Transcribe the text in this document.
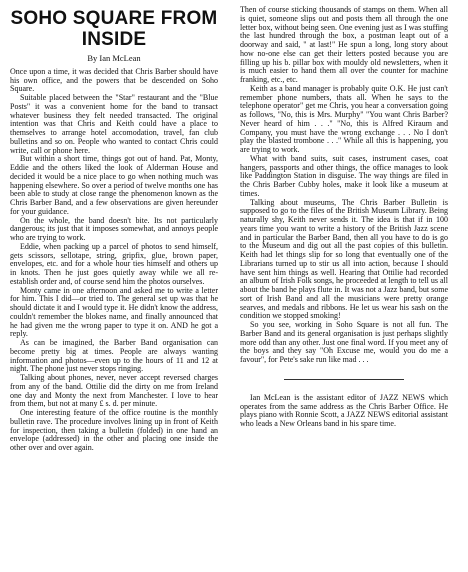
SOHO SQUARE FROM INSIDE
By Ian McLean

Once upon a time, it was decided that Chris Barber should have his own office, and the powers that be descended on Soho Square.

Suitable placed between the "Star" restaurant and the "Blue Posts" it was a convenient home for the band to transact whatever business they felt needed transacted. The original intention was that Chris and Keith could have a place to themselves to arrange hotel accomodation, travel, fan club bulletins and so on. People who wanted to contact Chris could write, call or phone here.

But within a short time, things got out of hand. Pat, Monty, Eddie and the others liked the look of Alderman House and decided it would be a nice place to go when nothing much was happening elsewhere. So over a period of twelve months one has been able to study at close range the phenomenon known as the Chris Barber Band, and a few observations are given hereunder for your guidance.

On the whole, the band doesn't bite. Its not particularly dangerous; its just that it imposes somewhat, and annoys people who are trying to work.

Eddie, when packing up a parcel of photos to send himself, gets scissors, sellotape, string, gripfix, glue, brown paper, envelopes, etc. and for a whole hour ties himself and others up in knots. Then he just goes quietly away while we all re-establish order and, of course send him the photos ourselves.

Monty came in one afternoon and asked me to write a letter for him. This I did—or tried to. The general set up was that he should dictate it and I would type it. He didn't know the address, couldn't remember the blokes name, and finally announced that he had given me the wrong paper to type it on. AND he got a reply.

As can be imagined, the Barber Band organisation can become pretty big at times. People are always wanting information and photos—even up to the hours of 11 and 12 at night. The phone just never stops ringing.

Talking about phones, never, never accept reversed charges from any of the band. Ottilie did the dirty on me from Ireland one day and Monty the next from Manchester. I love to hear from them, but not at many £ s. d. per minute.

One interesting feature of the office routine is the monthly bulletin rave. The procedure involves lining up in front of Keith for inspection, then taking a bulletin (folded) in one hand an envelope (addressed) in the other and placing one inside the other over and over again.

Then of course sticking thousands of stamps on them. When all is quiet, someone slips out and posts them all through the one letter box, without being seen. One evening just as I was stuffing the last hundred through the box, a postman leapt out of a doorway and said, " at last!" He spun a long, long story about how no-one else can get their letters posted because you are filling up his b. pillar box with mouldy old newsletters, when it is much easier to hand them all over the counter for machine franking, etc., etc.

Keith as a band manager is probably quite O.K. He just can't remember phone numbers, thats all. When he says to the telephone operator" get me Chris, you hear a conversation going as follows, "No, this is Mrs. Murphy" "You want Chris Barber? Never heard of him . . ." "No, this is Alfred Kiraum and Company, you must have the wrong exchange . . . No I don't play the blasted trombone . . ." While all this is happening, you are trying to work.

What with band suits, suit cases, instrument cases, coat hangers, passports and other things, the office manages to look like Paddington Station in disguise. The way things are filed in the Chris Barber Cubby holes, make it look like a museum at times.

Talking about museums, The Chris Barber Bulletin is supposed to go to the files of the British Museum Library. Being naturally shy, Keith never sends it. The idea is that if in 100 years time you want to write a history of the British Jazz scene and in particular the Barber Band, then all you have to do is go to the Museum and dig out all the past copies of this bulletin. Keith had let things slip for so long that eventually one of the Librarians turned up to stir us all into action, because I should have sent him things as well. Hearing that Ottilie had recorded an album of Irish Folk songs, he proceeded at length to tell us all about the band he plays flute in. It was not a Jazz band, but some sort of Irish Band and all the musicians were pretty orange searves, and medals and ribbons. He let us wear his sash on the condition we stopped smoking!

So you see, working in Soho Square is not all fun. The Barber Band and its general organisation is just perhaps slightly more odd than any other. Just one final word. If you meet any of the boys and they say "Oh Excuse me, would you do me a favour", for Pete's sake run like mad . . .

Ian McLean is the assistant editor of JAZZ NEWS which operates from the same address as the Chris Barber Office. He plays piano with Ronnie Scott, a JAZZ NEWS editorial assistant who leads a New Orleans band in his spare time.
